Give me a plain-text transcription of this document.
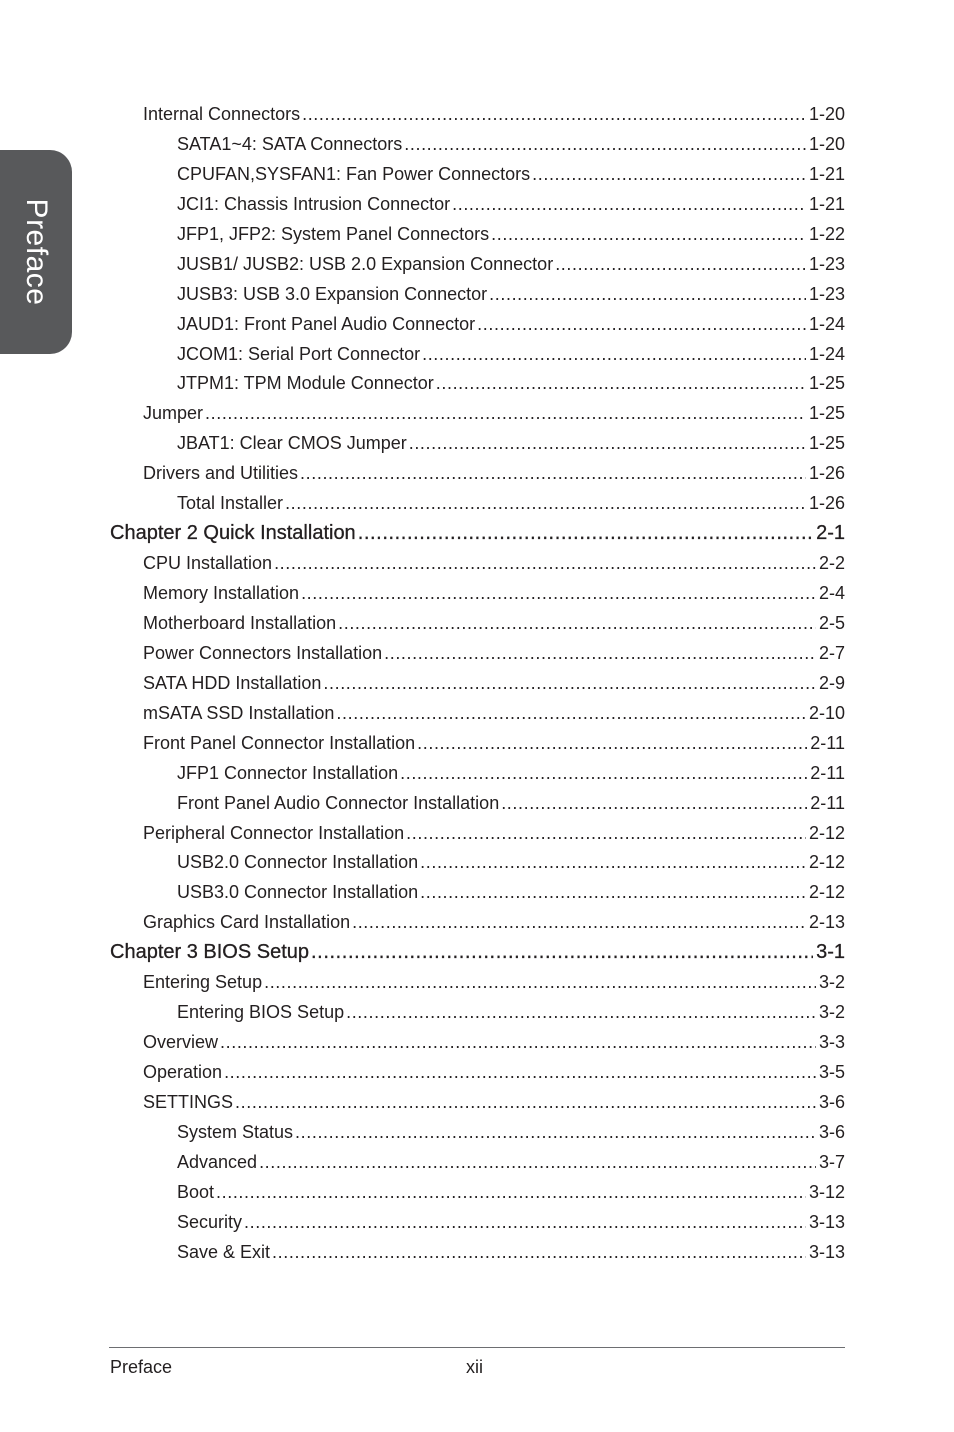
Preface
Internal Connectors .....	1-20
SATA1~4: SATA Connectors .....	1-20
CPUFAN,SYSFAN1: Fan Power Connectors .....	1-21
JCI1: Chassis Intrusion Connector .....	1-21
JFP1, JFP2: System Panel Connectors .....	1-22
JUSB1/ JUSB2: USB 2.0 Expansion Connector .....	1-23
JUSB3: USB 3.0 Expansion Connector .....	1-23
JAUD1: Front Panel Audio Connector .....	1-24
JCOM1: Serial Port Connector .....	1-24
JTPM1: TPM Module Connector .....	1-25
Jumper .....	1-25
JBAT1: Clear CMOS Jumper .....	1-25
Drivers and Utilities .....	1-26
Total Installer .....	1-26
Chapter 2 Quick Installation .....	2-1
CPU Installation .....	2-2
Memory Installation .....	2-4
Motherboard Installation .....	2-5
Power Connectors Installation .....	2-7
SATA HDD Installation .....	2-9
mSATA SSD Installation .....	2-10
Front Panel Connector Installation .....	2-11
JFP1 Connector Installation .....	2-11
Front Panel Audio Connector Installation .....	2-11
Peripheral Connector Installation .....	2-12
USB2.0 Connector Installation .....	2-12
USB3.0 Connector Installation .....	2-12
Graphics Card Installation .....	2-13
Chapter 3 BIOS Setup .....	3-1
Entering Setup .....	3-2
Entering BIOS Setup .....	3-2
Overview .....	3-3
Operation .....	3-5
SETTINGS .....	3-6
System Status .....	3-6
Advanced .....	3-7
Boot .....	3-12
Security .....	3-13
Save & Exit .....	3-13
Preface	xii
